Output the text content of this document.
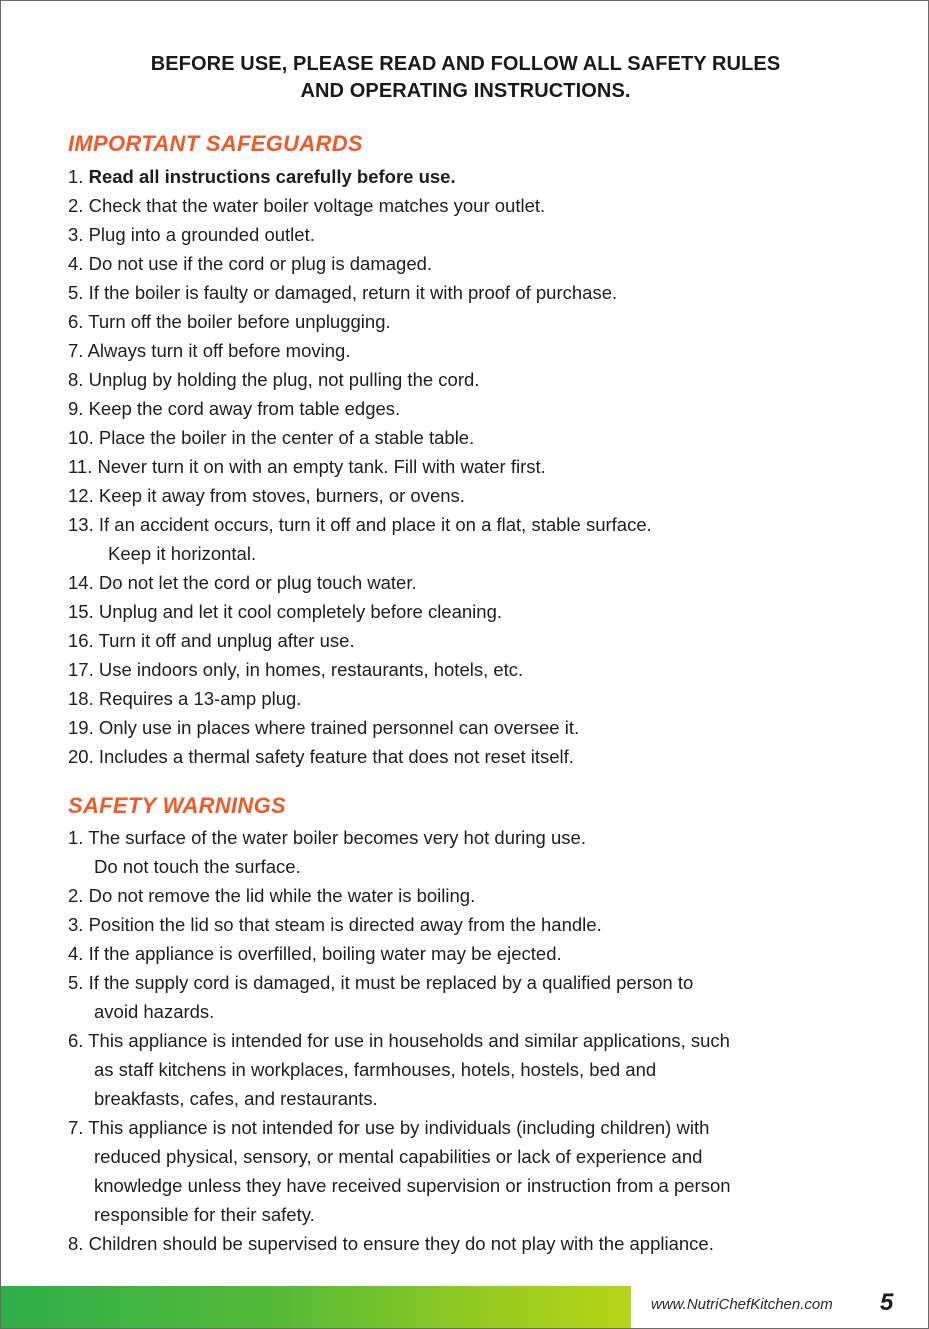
BEFORE USE, PLEASE READ AND FOLLOW ALL SAFETY RULES
AND OPERATING INSTRUCTIONS.
IMPORTANT SAFEGUARDS
1. Read all instructions carefully before use.
2. Check that the water boiler voltage matches your outlet.
3. Plug into a grounded outlet.
4. Do not use if the cord or plug is damaged.
5. If the boiler is faulty or damaged, return it with proof of purchase.
6. Turn off the boiler before unplugging.
7. Always turn it off before moving.
8. Unplug by holding the plug, not pulling the cord.
9. Keep the cord away from table edges.
10. Place the boiler in the center of a stable table.
11. Never turn it on with an empty tank. Fill with water first.
12. Keep it away from stoves, burners, or ovens.
13. If an accident occurs, turn it off and place it on a flat, stable surface.
Keep it horizontal.
14. Do not let the cord or plug touch water.
15. Unplug and let it cool completely before cleaning.
16. Turn it off and unplug after use.
17. Use indoors only, in homes, restaurants, hotels, etc.
18. Requires a 13-amp plug.
19. Only use in places where trained personnel can oversee it.
20. Includes a thermal safety feature that does not reset itself.
SAFETY WARNINGS
1. The surface of the water boiler becomes very hot during use.
Do not touch the surface.
2. Do not remove the lid while the water is boiling.
3. Position the lid so that steam is directed away from the handle.
4. If the appliance is overfilled, boiling water may be ejected.
5. If the supply cord is damaged, it must be replaced by a qualified person to
avoid hazards.
6. This appliance is intended for use in households and similar applications, such
as staff kitchens in workplaces, farmhouses, hotels, hostels, bed and
breakfasts, cafes, and restaurants.
7. This appliance is not intended for use by individuals (including children) with
reduced physical, sensory, or mental capabilities or lack of experience and
knowledge unless they have received supervision or instruction from a person
responsible for their safety.
8. Children should be supervised to ensure they do not play with the appliance.
www.NutriChefKitchen.com 5
